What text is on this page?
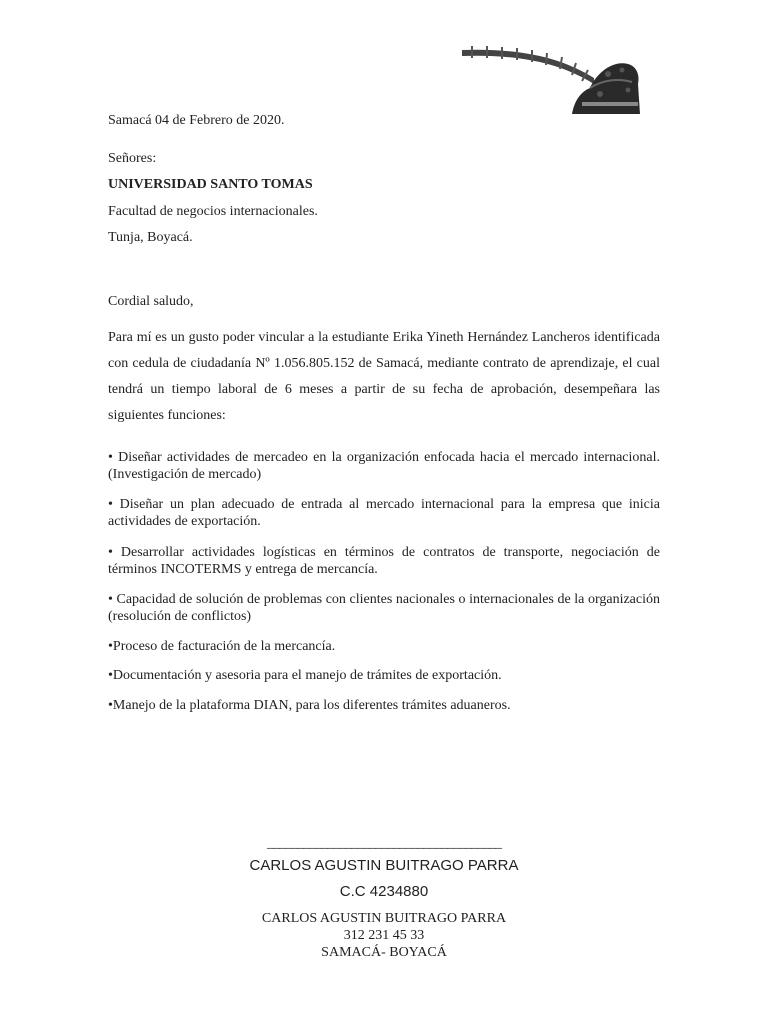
Samacá 04 de Febrero de 2020.
Señores:
UNIVERSIDAD SANTO TOMAS
Facultad de negocios internacionales.
Tunja, Boyacá.
Cordial saludo,
Para mí es un gusto poder vincular a la estudiante Erika Yineth Hernández Lancheros identificada con cedula de ciudadanía Nº 1.056.805.152 de Samacá, mediante contrato de aprendizaje, el cual tendrá un tiempo laboral de 6 meses a partir de su fecha de aprobación, desempeñara las siguientes funciones:
• Diseñar actividades de mercadeo en la organización enfocada hacia el mercado internacional. (Investigación de mercado)
• Diseñar un plan adecuado de entrada al mercado internacional para la empresa que inicia actividades de exportación.
• Desarrollar actividades logísticas en términos de contratos de transporte, negociación de términos INCOTERMS y entrega de mercancía.
• Capacidad de solución de problemas con clientes nacionales o internacionales de la organización (resolución de conflictos)
•Proceso de facturación de la mercancía.
•Documentación y asesoria para el manejo de trámites de exportación.
•Manejo de la plataforma DIAN, para los diferentes trámites aduaneros.
_______________________________________
CARLOS AGUSTIN BUITRAGO PARRA
C.C 4234880
CARLOS AGUSTIN BUITRAGO PARRA
312 231 45 33
SAMACÁ- BOYACÁ
